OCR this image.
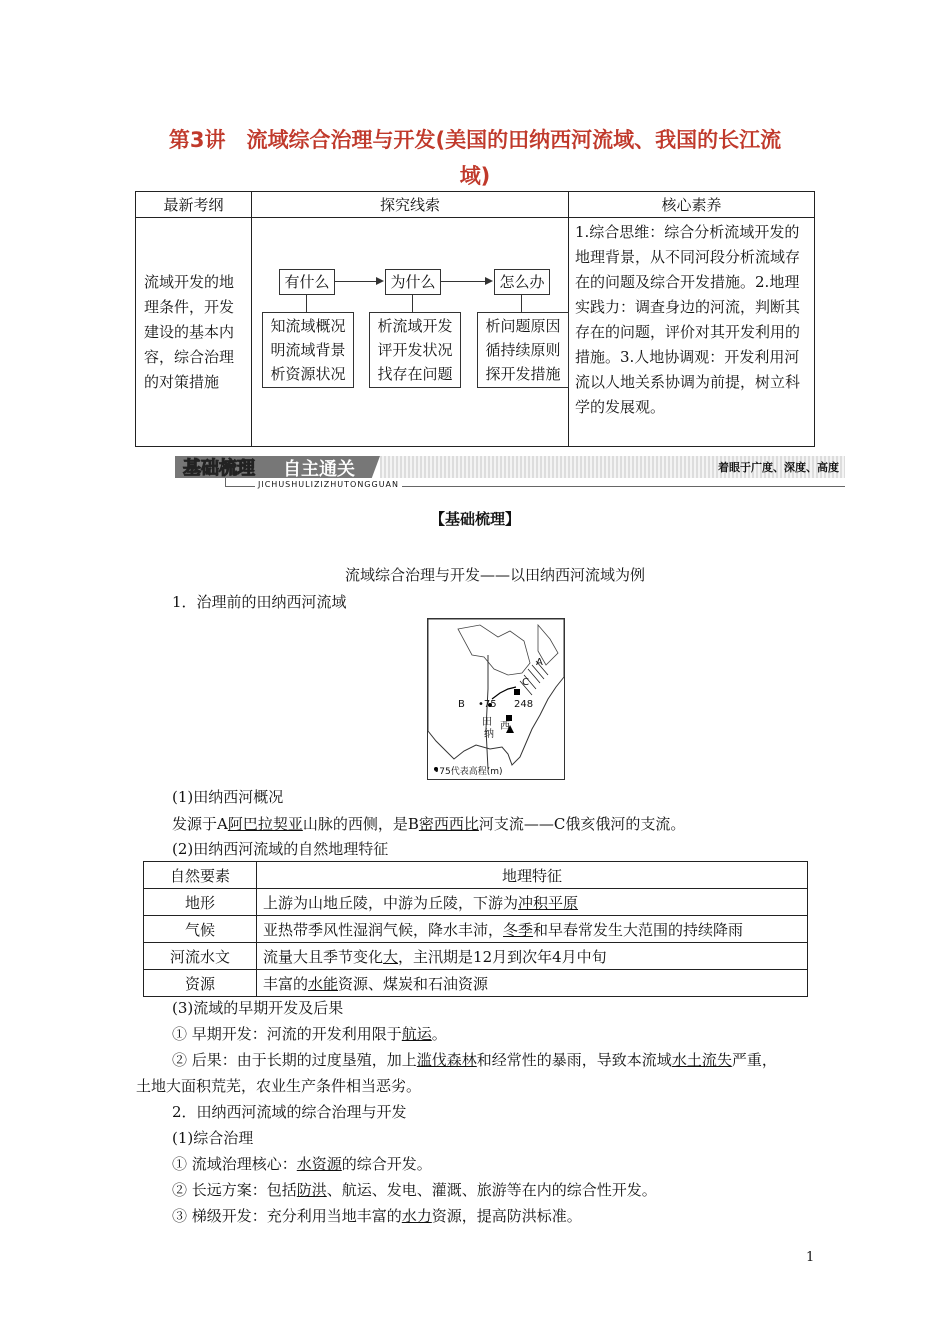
第3讲　流域综合治理与开发(美国的田纳西河流域、我国的长江流
域)
最新考纲	探究线索	核心素养
流域开发的地理条件，开发建设的基本内容，综合治理的对策措施		1.综合思维：综合分析流域开发的地理背景，从不同河段分析流域存在的问题及综合开发措施。2.地理实践力：调查身边的河流，判断其存在的问题，评价对其开发利用的措施。3.人地协调观：开发利用河流以人地关系协调为前提，树立科学的发展观。
有什么	为什么	怎么办
知流域概况
明流域背景
析资源状况
析流域开发
评开发状况
找存在问题
析问题原因
循持续原则
探开发措施
基础梳理 自主通关	着眼于广度、深度、高度
JICHUSHULIZIZHUTONGGUAN
【基础梳理】
流域综合治理与开发——以田纳西河流域为例
1．治理前的田纳西河流域
A
B
C
•75 248
田
纳
西
•75代表高程(m)
(1)田纳西河概况
发源于A阿巴拉契亚山脉的西侧，是B密西西比河支流——C俄亥俄河的支流。
(2)田纳西河流域的自然地理特征
自然要素	地理特征
地形	上游为山地丘陵，中游为丘陵，下游为冲积平原
气候	亚热带季风性湿润气候，降水丰沛，冬季和早春常发生大范围的持续降雨
河流水文	流量大且季节变化大，主汛期是12月到次年4月中旬
资源	丰富的水能资源、煤炭和石油资源
(3)流域的早期开发及后果
① 早期开发：河流的开发利用限于航运。
② 后果：由于长期的过度垦殖，加上滥伐森林和经常性的暴雨，导致本流域水土流失严重，
土地大面积荒芜，农业生产条件相当恶劣。
2．田纳西河流域的综合治理与开发
(1)综合治理
① 流域治理核心：水资源的综合开发。
② 长远方案：包括防洪、航运、发电、灌溉、旅游等在内的综合性开发。
③ 梯级开发：充分利用当地丰富的水力资源，提高防洪标准。
1
